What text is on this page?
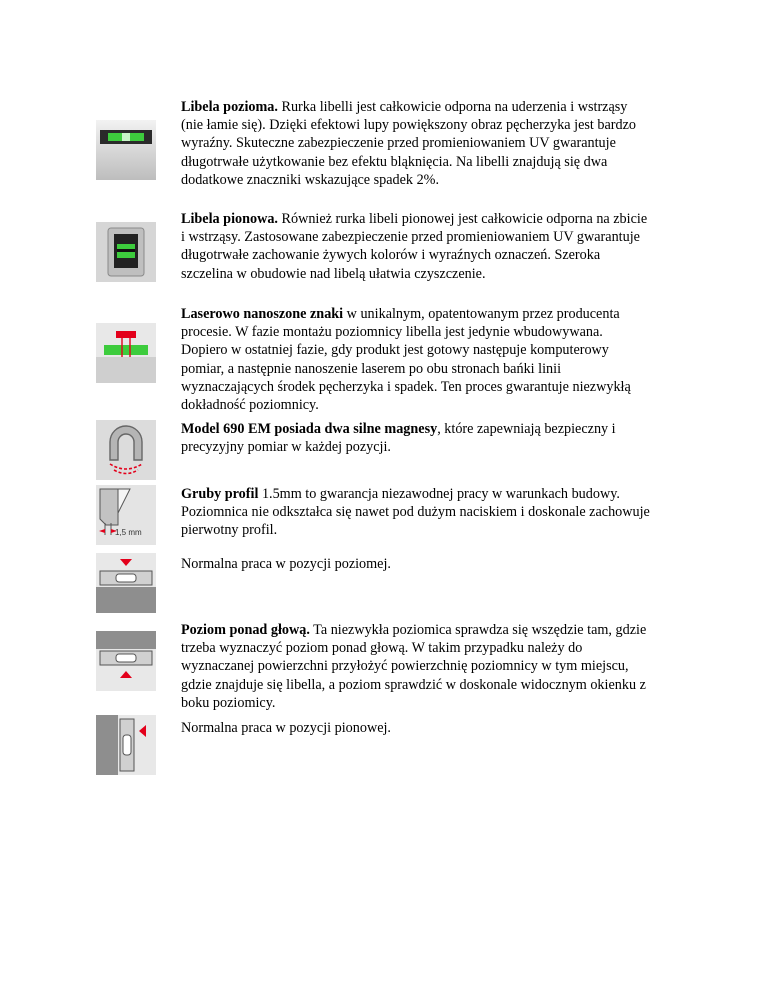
Libela pozioma. Rurka libelli jest całkowicie odporna na uderzenia i wstrząsy (nie łamie się). Dzięki efektowi lupy powiększony obraz pęcherzyka jest bardzo wyraźny. Skuteczne zabezpieczenie przed promieniowaniem UV gwarantuje długotrwałe użytkowanie bez efektu bląknięcia. Na libelli znajdują się dwa dodatkowe znaczniki wskazujące spadek 2%.

Libela pionowa. Również rurka libeli pionowej jest całkowicie odporna na zbicie i wstrząsy. Zastosowane zabezpieczenie przed promieniowaniem UV gwarantuje długotrwałe zachowanie żywych kolorów i wyraźnych oznaczeń. Szeroka szczelina w obudowie nad libelą ułatwia czyszczenie.

Laserowo nanoszone znaki w unikalnym, opatentowanym przez producenta procesie. W fazie montażu poziomnicy libella jest jedynie wbudowywana. Dopiero w ostatniej fazie, gdy produkt jest gotowy następuje komputerowy pomiar, a następnie nanoszenie laserem po obu stronach bańki linii wyznaczających środek pęcherzyka i spadek. Ten proces gwarantuje niezwykłą dokładność poziomnicy.

Model 690 EM posiada dwa silne magnesy, które zapewniają bezpieczny i precyzyjny pomiar w każdej pozycji.

1,5 mm

Gruby profil 1.5mm to gwarancja niezawodnej pracy w warunkach budowy. Poziomnica nie odkształca się nawet pod dużym naciskiem i doskonale zachowuje pierwotny profil.

Normalna praca w pozycji poziomej.

Poziom ponad głową. Ta niezwykła poziomica sprawdza się wszędzie tam, gdzie trzeba wyznaczyć poziom ponad głową. W takim przypadku należy do wyznaczanej powierzchni przyłożyć powierzchnię poziomnicy w tym miejscu, gdzie znajduje się libella, a poziom sprawdzić w doskonale widocznym okienku z boku poziomicy.

Normalna praca w pozycji pionowej.
